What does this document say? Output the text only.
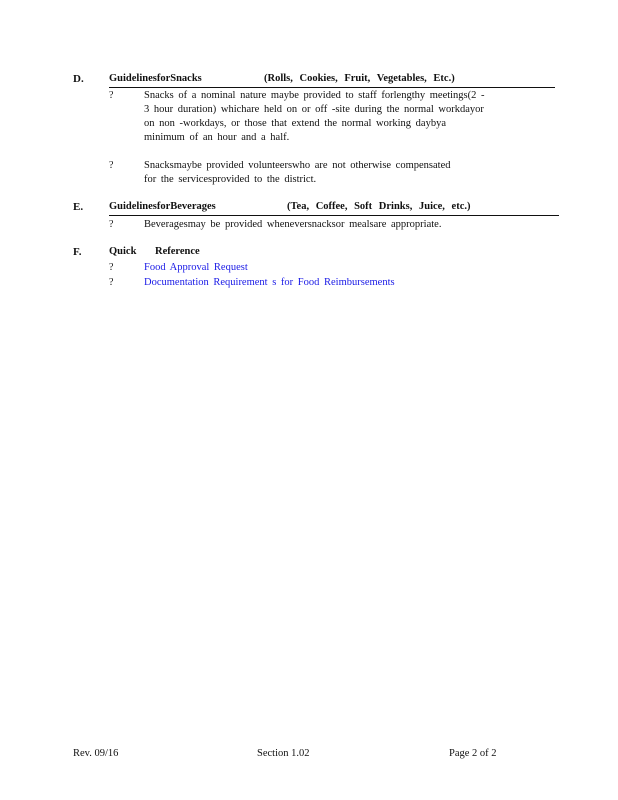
D. GuidelinesforSnacks	(Rolls, Cookies, Fruit, Vegetables, Etc.)
?	Snacks of a nominal nature maybe provided to staff forlengthy meetings(2 -
3 hour duration) whichare held on or off -site during the normal workdayor
on non -workdays, or those that extend the normal working daybya
minimum of an hour and a half.
?	Snacksmaybe provided volunteerswho are not otherwise compensated
for the servicesprovided to the district.
E. GuidelinesforBeverages	(Tea, Coffee, Soft Drinks, Juice, etc.)
?	Beveragesmay be provided wheneversnacksor mealsare appropriate.
F.	Quick Reference
?	Food Approval Request
?	Documentation Requirement s for Food Reimbursements
Rev. 09/16	Section 1.02	Page 2 of 2
